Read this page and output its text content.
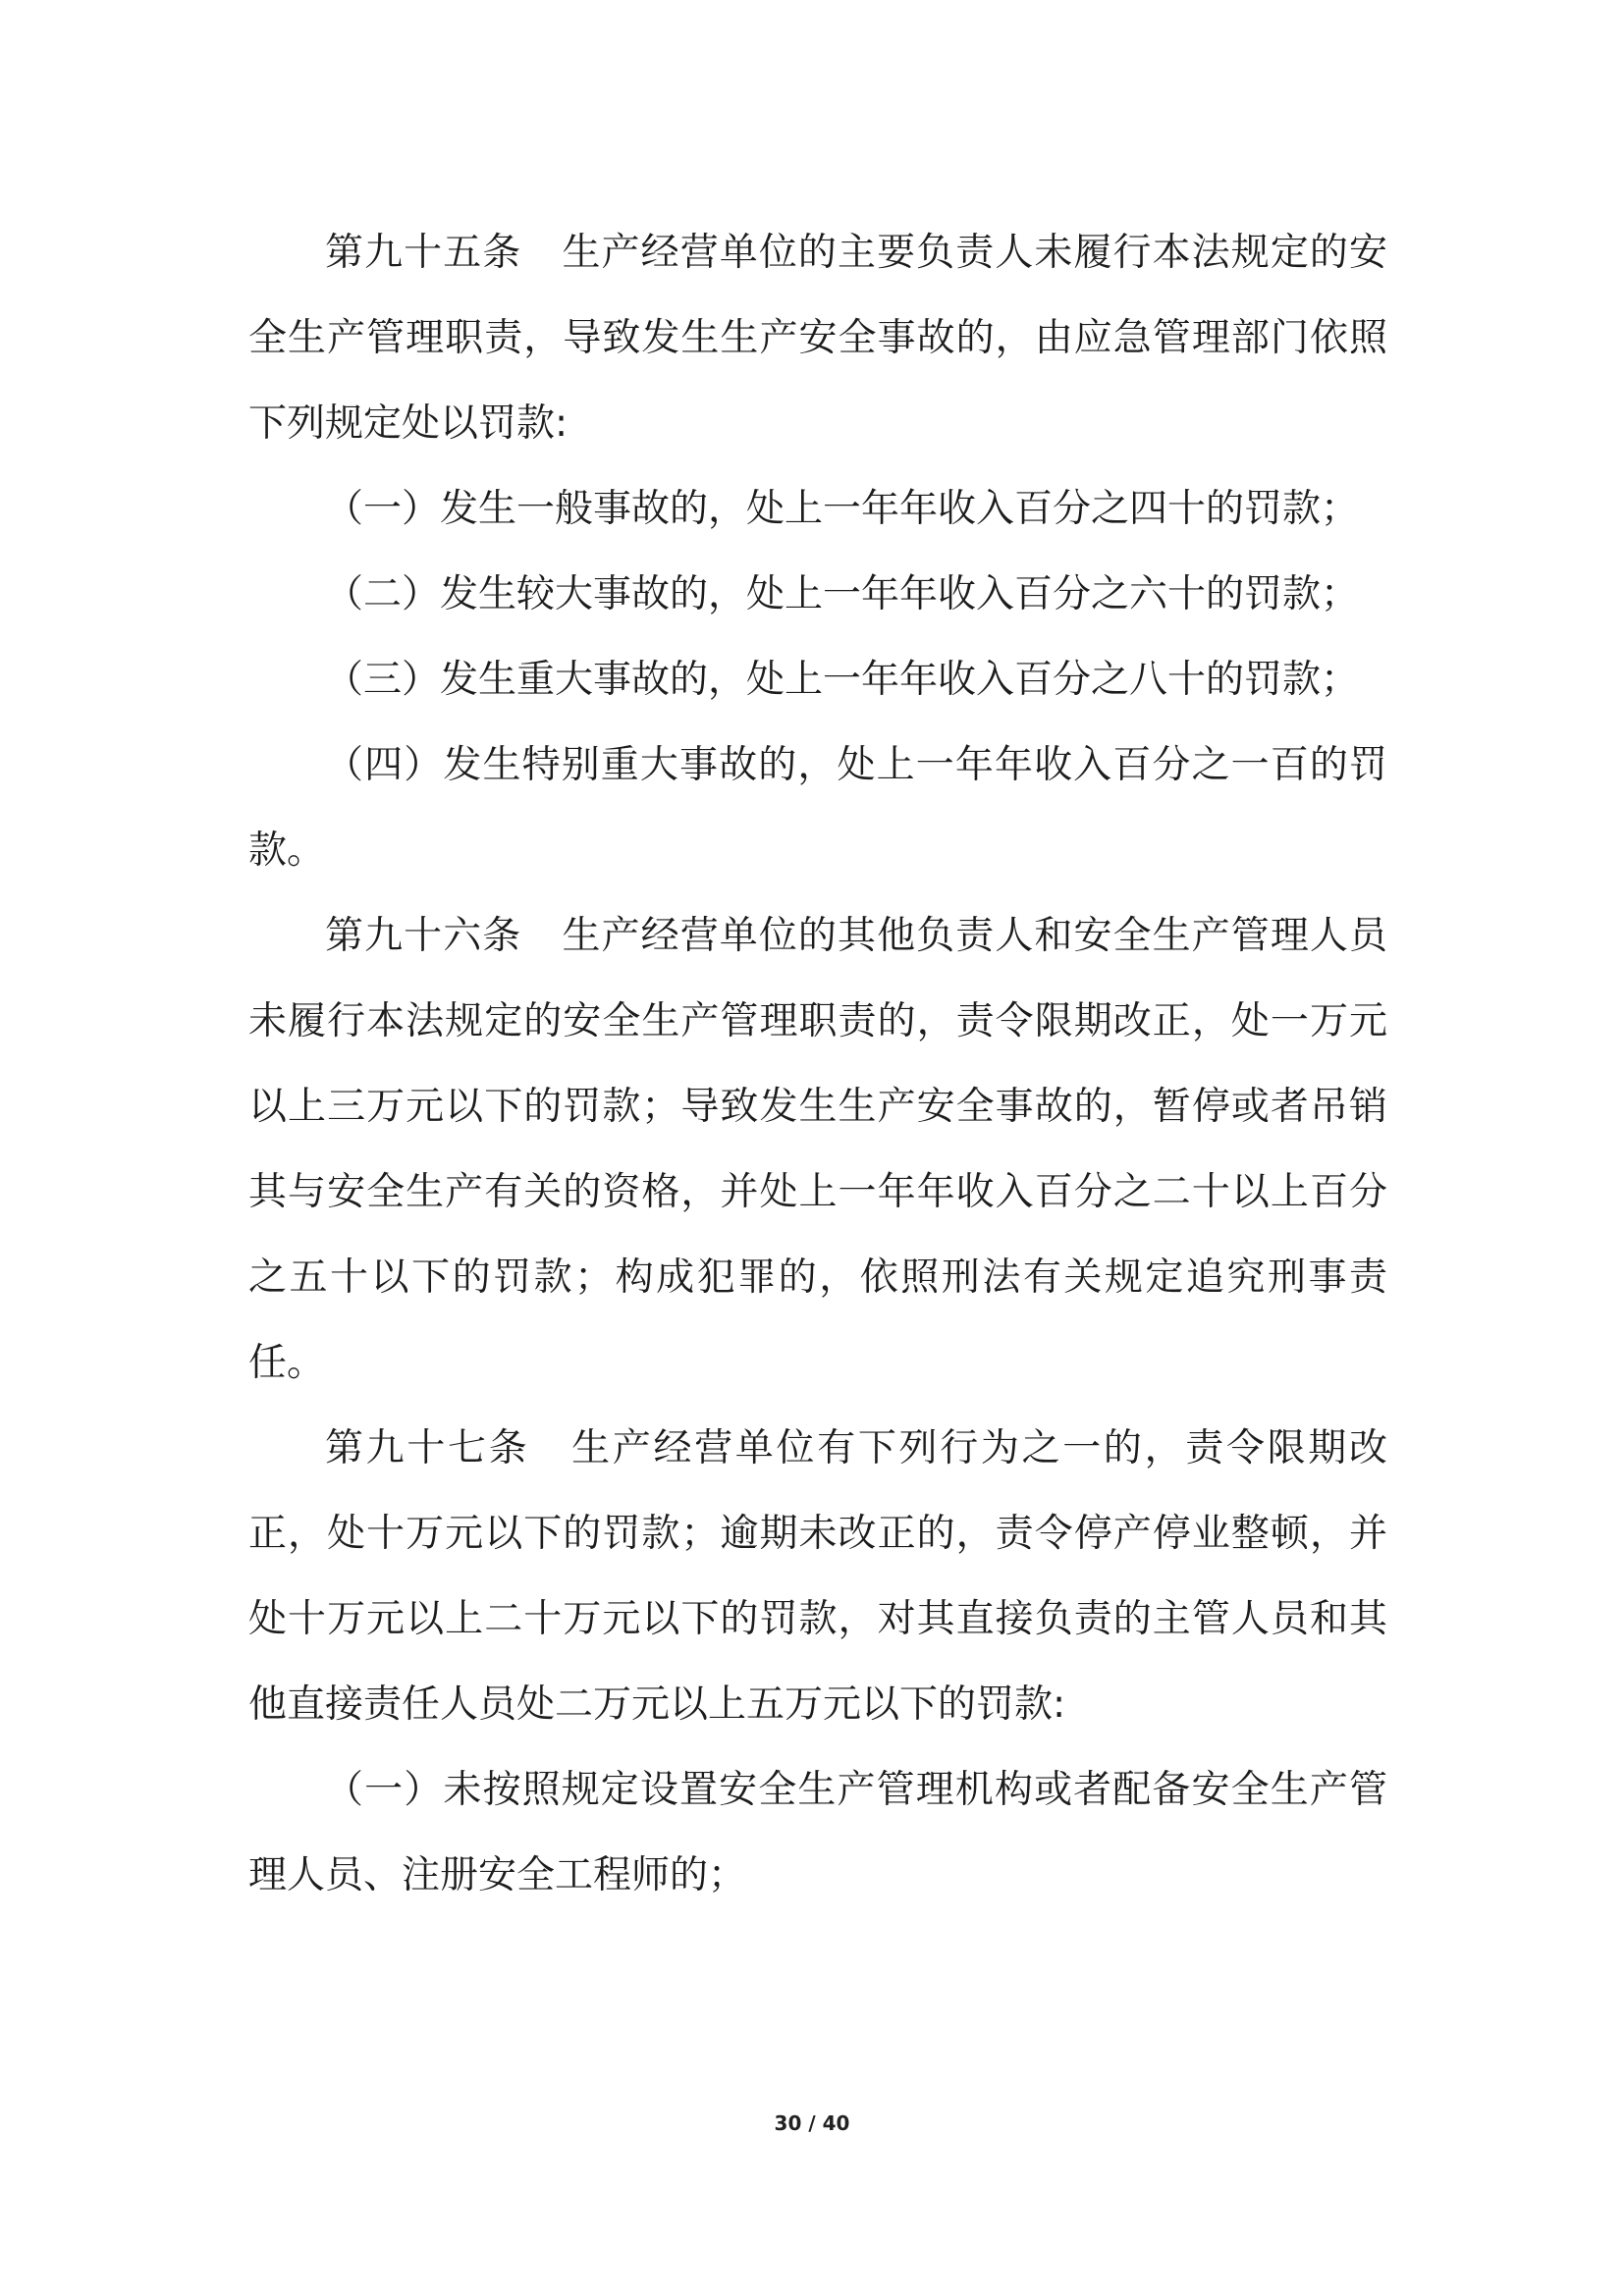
第九十五条 生产经营单位的主要负责人未履行本法规定的安全生产管理职责，导致发生生产安全事故的，由应急管理部门依照下列规定处以罚款:

（一）发生一般事故的，处上一年年收入百分之四十的罚款；

（二）发生较大事故的，处上一年年收入百分之六十的罚款；

（三）发生重大事故的，处上一年年收入百分之八十的罚款；

（四）发生特别重大事故的，处上一年年收入百分之一百的罚款。

第九十六条 生产经营单位的其他负责人和安全生产管理人员未履行本法规定的安全生产管理职责的，责令限期改正，处一万元以上三万元以下的罚款；导致发生生产安全事故的，暂停或者吊销其与安全生产有关的资格，并处上一年年收入百分之二十以上百分之五十以下的罚款；构成犯罪的，依照刑法有关规定追究刑事责任。

第九十七条 生产经营单位有下列行为之一的，责令限期改正，处十万元以下的罚款；逾期未改正的，责令停产停业整顿，并处十万元以上二十万元以下的罚款，对其直接负责的主管人员和其他直接责任人员处二万元以上五万元以下的罚款:

（一）未按照规定设置安全生产管理机构或者配备安全生产管理人员、注册安全工程师的；

30 / 40
